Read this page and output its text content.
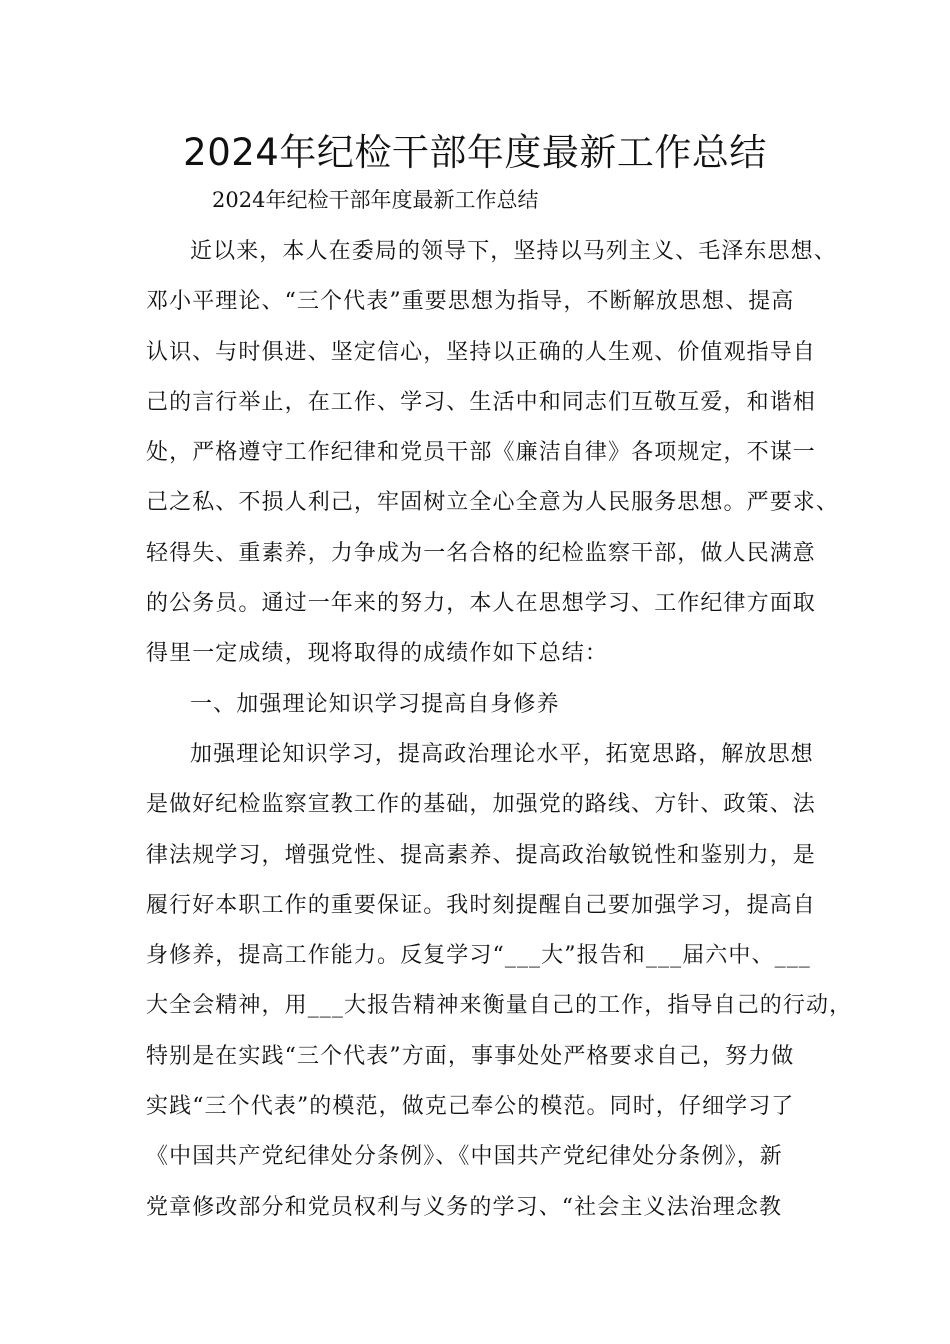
2024年纪检干部年度最新工作总结

2024年纪检干部年度最新工作总结

近以来，本人在委局的领导下，坚持以马列主义、毛泽东思想、
邓小平理论、“三个代表”重要思想为指导，不断解放思想、提高
认识、与时俱进、坚定信心，坚持以正确的人生观、价值观指导自
己的言行举止，在工作、学习、生活中和同志们互敬互爱，和谐相
处，严格遵守工作纪律和党员干部《廉洁自律》各项规定，不谋一
己之私、不损人利己，牢固树立全心全意为人民服务思想。严要求、
轻得失、重素养，力争成为一名合格的纪检监察干部，做人民满意
的公务员。通过一年来的努力，本人在思想学习、工作纪律方面取
得里一定成绩，现将取得的成绩作如下总结：
一、加强理论知识学习提高自身修养
加强理论知识学习，提高政治理论水平，拓宽思路，解放思想
是做好纪检监察宣教工作的基础，加强党的路线、方针、政策、法
律法规学习，增强党性、提高素养、提高政治敏锐性和鉴别力，是
履行好本职工作的重要保证。我时刻提醒自己要加强学习，提高自
身修养，提高工作能力。反复学习“___大”报告和___届六中、___
大全会精神，用___大报告精神来衡量自己的工作，指导自己的行动，
特别是在实践“三个代表”方面，事事处处严格要求自己，努力做
实践“三个代表”的模范，做克己奉公的模范。同时，仔细学习了
《中国共产党纪律处分条例》、《中国共产党纪律处分条例》，新
党章修改部分和党员权利与义务的学习、“社会主义法治理念教
